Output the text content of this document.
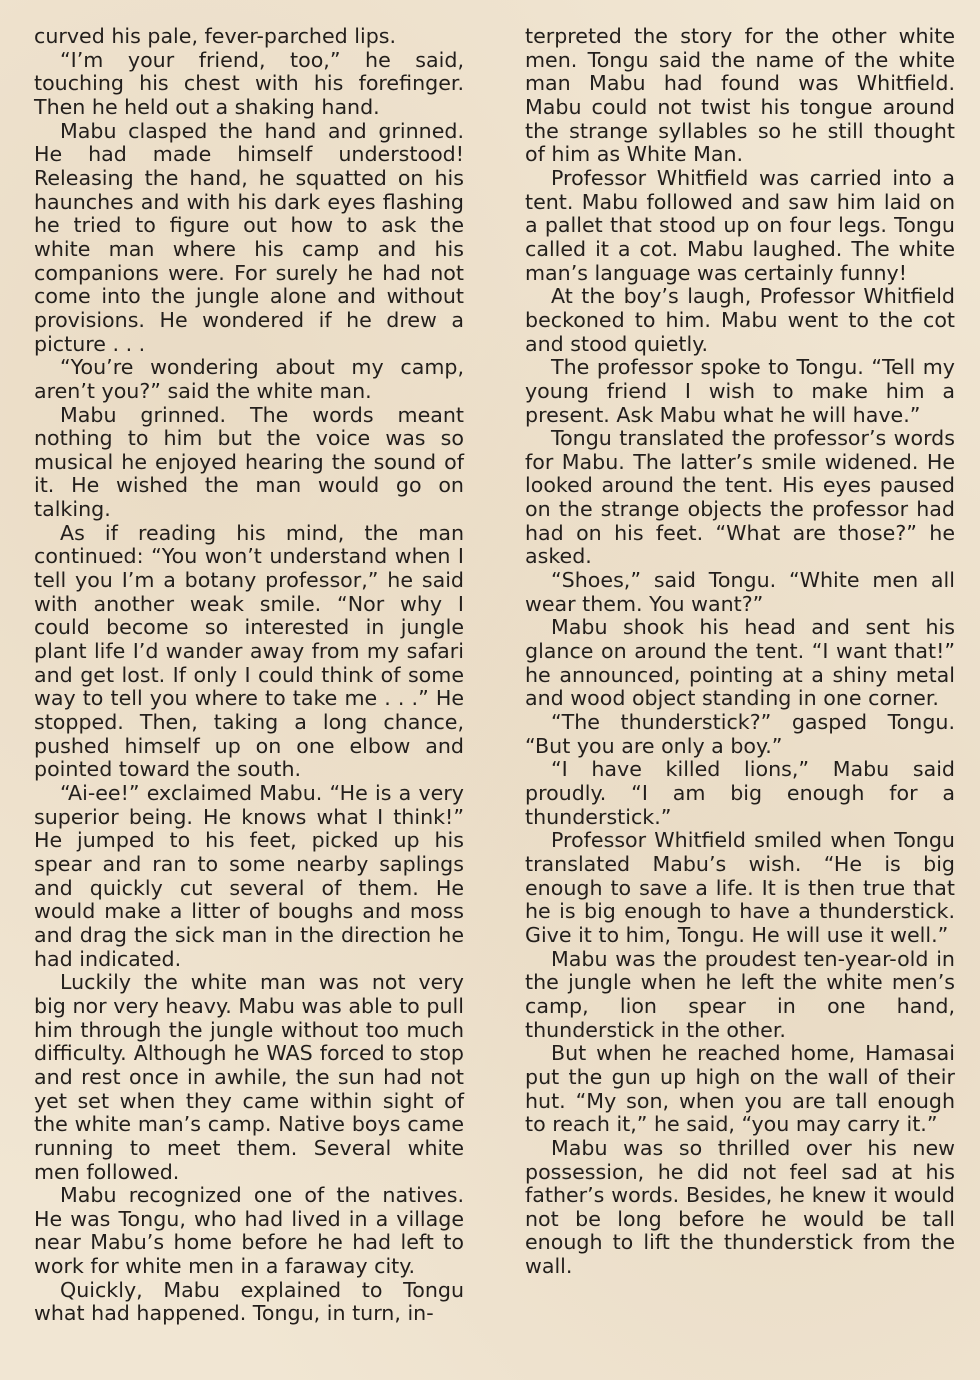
curved his pale, fever-parched lips.

“I’m your friend, too,” he said, touching his chest with his forefinger. Then he held out a shaking hand.

Mabu clasped the hand and grinned. He had made himself understood! Releasing the hand, he squatted on his haunches and with his dark eyes flashing he tried to figure out how to ask the white man where his camp and his companions were. For surely he had not come into the jungle alone and without provisions. He wondered if he drew a picture . . .

“You’re wondering about my camp, aren’t you?” said the white man.

Mabu grinned. The words meant nothing to him but the voice was so musical he enjoyed hearing the sound of it. He wished the man would go on talking.

As if reading his mind, the man continued: “You won’t understand when I tell you I’m a botany professor,” he said with another weak smile. “Nor why I could become so interested in jungle plant life I’d wander away from my safari and get lost. If only I could think of some way to tell you where to take me . . .” He stopped. Then, taking a long chance, pushed himself up on one elbow and pointed toward the south.

“Ai-ee!” exclaimed Mabu. “He is a very superior being. He knows what I think!” He jumped to his feet, picked up his spear and ran to some nearby saplings and quickly cut several of them. He would make a litter of boughs and moss and drag the sick man in the direction he had indicated.

Luckily the white man was not very big nor very heavy. Mabu was able to pull him through the jungle without too much difficulty. Although he WAS forced to stop and rest once in awhile, the sun had not yet set when they came within sight of the white man’s camp. Native boys came running to meet them. Several white men followed.

Mabu recognized one of the natives. He was Tongu, who had lived in a village near Mabu’s home before he had left to work for white men in a faraway city.

Quickly, Mabu explained to Tongu what had happened. Tongu, in turn, in-

terpreted the story for the other white men. Tongu said the name of the white man Mabu had found was Whitfield. Mabu could not twist his tongue around the strange syllables so he still thought of him as White Man.

Professor Whitfield was carried into a tent. Mabu followed and saw him laid on a pallet that stood up on four legs. Tongu called it a cot. Mabu laughed. The white man’s language was certainly funny!

At the boy’s laugh, Professor Whitfield beckoned to him. Mabu went to the cot and stood quietly.

The professor spoke to Tongu. “Tell my young friend I wish to make him a present. Ask Mabu what he will have.”

Tongu translated the professor’s words for Mabu. The latter’s smile widened. He looked around the tent. His eyes paused on the strange objects the professor had had on his feet. “What are those?” he asked.

“Shoes,” said Tongu. “White men all wear them. You want?”

Mabu shook his head and sent his glance on around the tent. “I want that!” he announced, pointing at a shiny metal and wood object standing in one corner.

“The thunderstick?” gasped Tongu. “But you are only a boy.”

“I have killed lions,” Mabu said proudly. “I am big enough for a thunderstick.”

Professor Whitfield smiled when Tongu translated Mabu’s wish. “He is big enough to save a life. It is then true that he is big enough to have a thunderstick. Give it to him, Tongu. He will use it well.”

Mabu was the proudest ten-year-old in the jungle when he left the white men’s camp, lion spear in one hand, thunderstick in the other.

But when he reached home, Hamasai put the gun up high on the wall of their hut. “My son, when you are tall enough to reach it,” he said, “you may carry it.”

Mabu was so thrilled over his new possession, he did not feel sad at his father’s words. Besides, he knew it would not be long before he would be tall enough to lift the thunderstick from the wall.
